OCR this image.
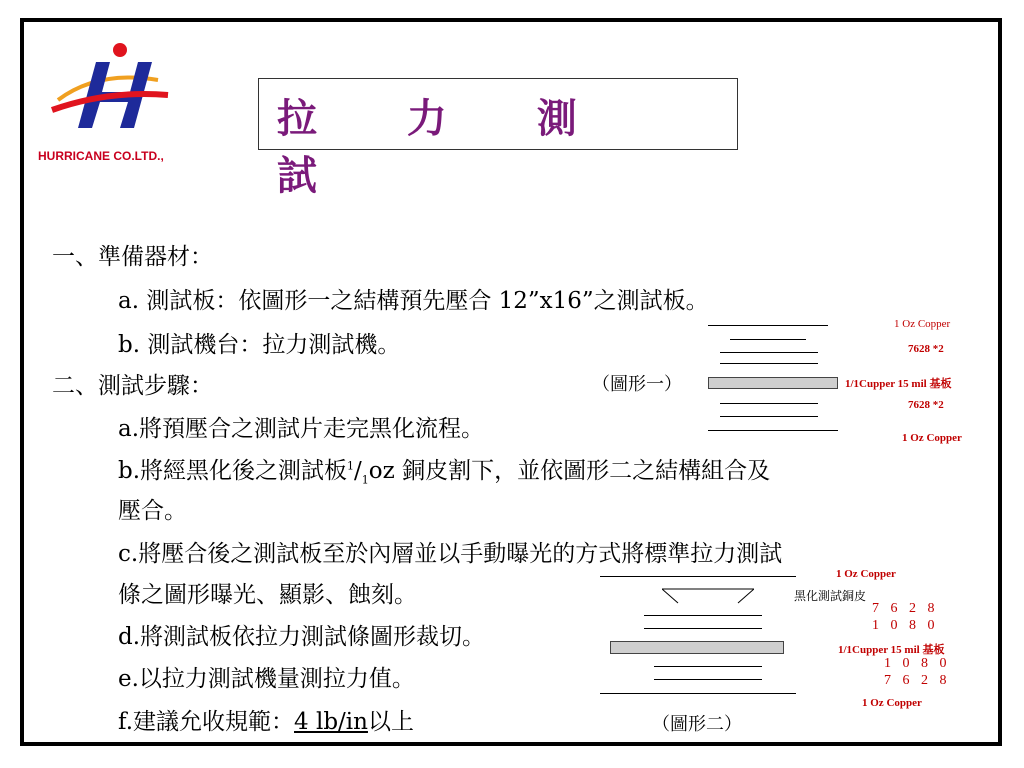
HURRICANE CO.LTD.,
拉 力 測 試
一、準備器材：
a. 測試板：依圖形一之結構預先壓合 12”x16”之測試板。
b. 測試機台：拉力測試機。
二、測試步驟：
a.將預壓合之測試片走完黑化流程。
b.將經黑化後之測試板$^1/_1oz$ 銅皮割下，並依圖形二之結構組合及
壓合。
c.將壓合後之測試板至於內層並以手動曝光的方式將標準拉力測試
條之圖形曝光、顯影、蝕刻。
d.將測試板依拉力測試條圖形裁切。
e.以拉力測試機量測拉力值。
f.建議允收規範：4 lb/in以上
（圖形一）
1 Oz Copper
7628 *2
1/1Cupper 15 mil 基板
7628 *2
1 Oz Copper
（圖形二）
1 Oz Copper
黑化測試銅皮
7 6 2 8
1 0 8 0
1/1Cupper 15 mil 基板
1 0 8 0
7 6 2 8
1 Oz Copper
